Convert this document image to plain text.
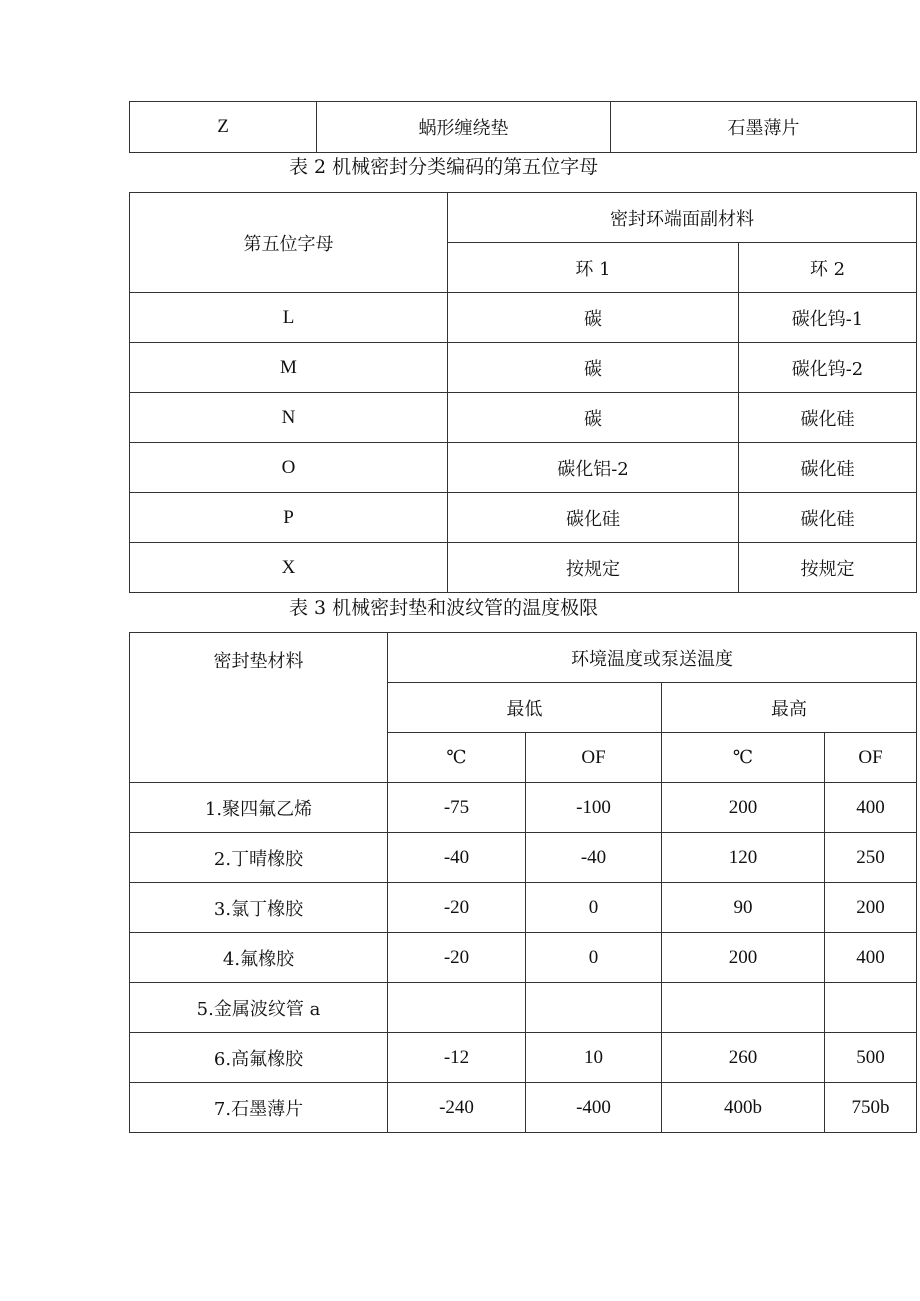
Z	蜗形缠绕垫	石墨薄片
表 2 机械密封分类编码的第五位字母
第五位字母	密封环端面副材料	
	环 1	环 2
L	碳	碳化钨-1
M	碳	碳化钨-2
N	碳	碳化硅
O	碳化铝-2	碳化硅
P	碳化硅	碳化硅
X	按规定	按规定
表 3 机械密封垫和波纹管的温度极限
密封垫材料	环境温度或泵送温度			
	最低		最高	
	℃	OF	℃	OF
1.聚四氟乙烯	-75	-100	200	400
2.丁晴橡胶	-40	-40	120	250
3.氯丁橡胶	-20	0	90	200
4.氟橡胶	-20	0	200	400
5.金属波纹管 a				
6.高氟橡胶	-12	10	260	500
7.石墨薄片	-240	-400	400b	750b
